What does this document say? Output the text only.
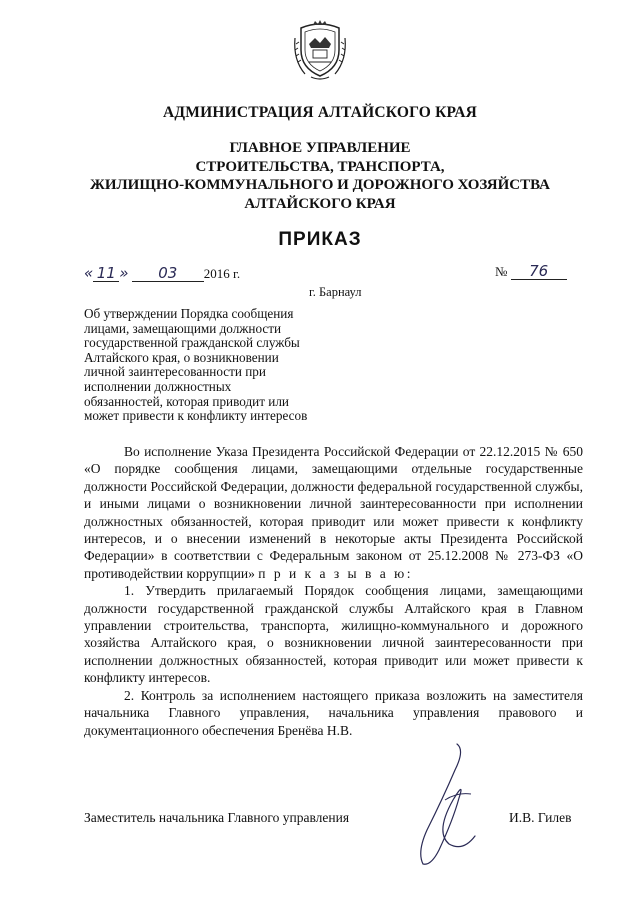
АДМИНИСТРАЦИЯ АЛТАЙСКОГО КРАЯ
ГЛАВНОЕ УПРАВЛЕНИЕ
СТРОИТЕЛЬСТВА, ТРАНСПОРТА,
ЖИЛИЩНО-КОММУНАЛЬНОГО И ДОРОЖНОГО ХОЗЯЙСТВА
АЛТАЙСКОГО КРАЯ
ПРИКАЗ
« 11 » 03 2016 г.	№ 76
г. Барнаул
Об утверждении Порядка сообщения
лицами, замещающими должности
государственной гражданской службы
Алтайского края, о возникновении
личной заинтересованности при
исполнении должностных
обязанностей, которая приводит или
может привести к конфликту интересов

Во исполнение Указа Президента Российской Федерации от 22.12.2015 № 650 «О порядке сообщения лицами, замещающими отдельные государственные должности Российской Федерации, должности федеральной государственной службы, и иными лицами о возникновении личной заинтересованности при исполнении должностных обязанностей, которая приводит или может привести к конфликту интересов, и о внесении изменений в некоторые акты Президента Российской Федерации» в соответствии с Федеральным законом от 25.12.2008 № 273-ФЗ «О противодействии коррупции» п р и к а з ы в а ю:

1. Утвердить прилагаемый Порядок сообщения лицами, замещающими должности государственной гражданской службы Алтайского края в Главном управлении строительства, транспорта, жилищно-коммунального и дорожного хозяйства Алтайского края, о возникновении личной заинтересованности при исполнении должностных обязанностей, которая приводит или может привести к конфликту интересов.

2. Контроль за исполнением настоящего приказа возложить на заместителя начальника Главного управления, начальника управления правового и документационного обеспечения Бренёва Н.В.

Заместитель начальника Главного управления	И.В. Гилев
